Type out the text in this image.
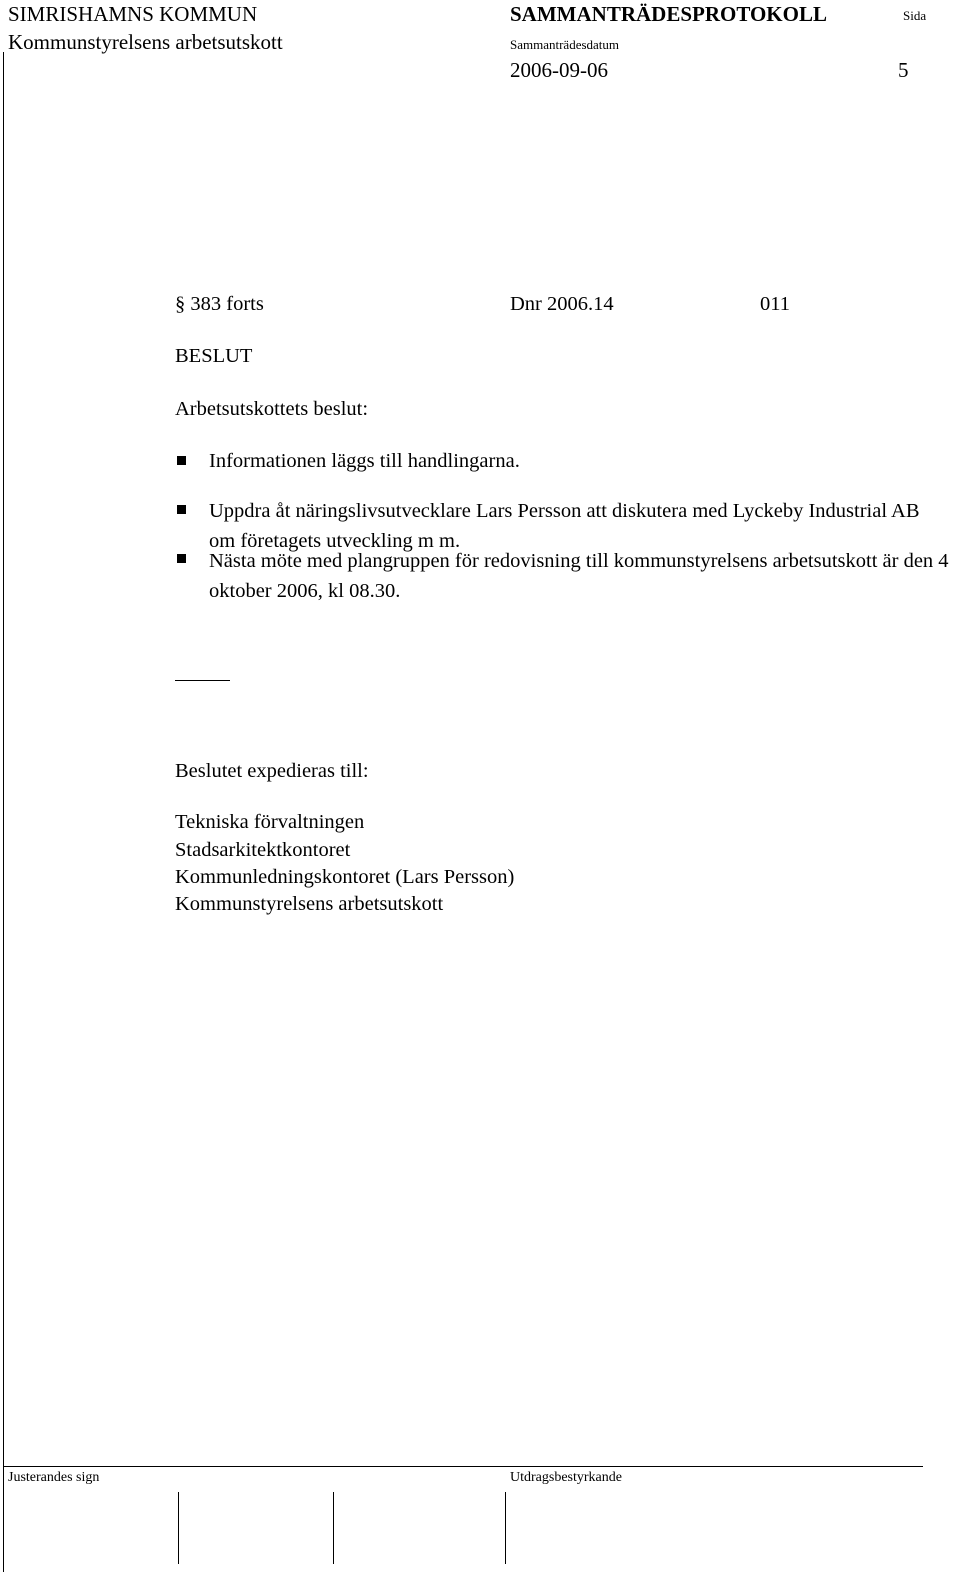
SIMRISHAMNS KOMMUN
Kommunstyrelsens arbetsutskott
SAMMANTRÄDESPROTOKOLL	Sida
Sammanträdesdatum
2006-09-06	5
§ 383 forts	Dnr 2006.14	011
BESLUT
Arbetsutskottets beslut:
Informationen läggs till handlingarna.
Uppdra åt näringslivsutvecklare Lars Persson att diskutera med Lyckeby Industrial AB om företagets utveckling m m.
Nästa möte med plangruppen för redovisning till kommunstyrelsens arbetsutskott är den 4 oktober 2006, kl 08.30.
Beslutet expedieras till:
Tekniska förvaltningen
Stadsarkitektkontoret
Kommunledningskontoret (Lars Persson)
Kommunstyrelsens arbetsutskott
Justerandes sign	Utdragsbestyrkande
